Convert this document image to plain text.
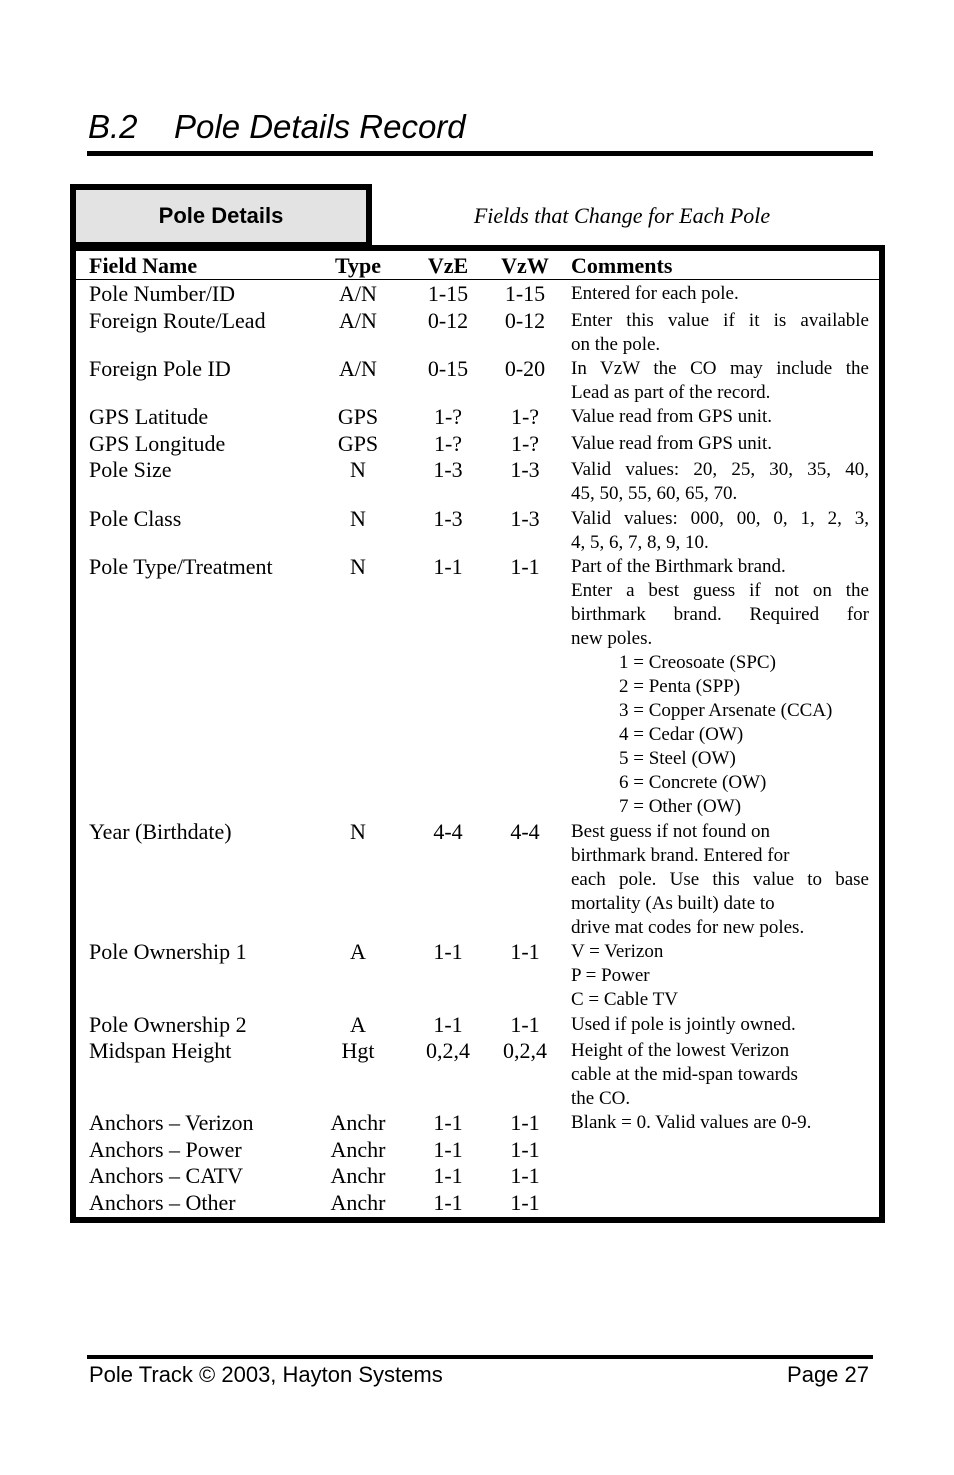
B.2 Pole Details Record
Pole Details	Fields that Change for Each Pole
Field Name	Type	VzE	VzW	Comments
Pole Number/ID	A/N	1-15	1-15	Entered for each pole.
Foreign Route/Lead	A/N	0-12	0-12	Enter this value if it is available
on the pole.
Foreign Pole ID	A/N	0-15	0-20	In VzW the CO may include the
Lead as part of the record.
GPS Latitude	GPS	1-?	1-?	Value read from GPS unit.
GPS Longitude	GPS	1-?	1-?	Value read from GPS unit.
Pole Size	N	1-3	1-3	Valid values: 20, 25, 30, 35, 40,
45, 50, 55, 60, 65, 70.
Pole Class	N	1-3	1-3	Valid values: 000, 00, 0, 1, 2, 3,
4, 5, 6, 7, 8, 9, 10.
Pole Type/Treatment	N	1-1	1-1	Part of the Birthmark brand.
Enter a best guess if not on the
birthmark brand. Required for
new poles.
1 = Creosoate (SPC)
2 = Penta (SPP)
3 = Copper Arsenate (CCA)
4 = Cedar (OW)
5 = Steel (OW)
6 = Concrete (OW)
7 = Other (OW)
Year (Birthdate)	N	4-4	4-4	Best guess if not found on
birthmark brand. Entered for
each pole. Use this value to base
mortality (As built) date to
drive mat codes for new poles.
Pole Ownership 1	A	1-1	1-1	V = Verizon
P = Power
C = Cable TV
Pole Ownership 2	A	1-1	1-1	Used if pole is jointly owned.
Midspan Height	Hgt	0,2,4	0,2,4	Height of the lowest Verizon
cable at the mid-span towards
the CO.
Anchors – Verizon	Anchr	1-1	1-1	Blank = 0. Valid values are 0-9.
Anchors – Power	Anchr	1-1	1-1
Anchors – CATV	Anchr	1-1	1-1
Anchors – Other	Anchr	1-1	1-1
Pole Track © 2003, Hayton Systems	Page 27
